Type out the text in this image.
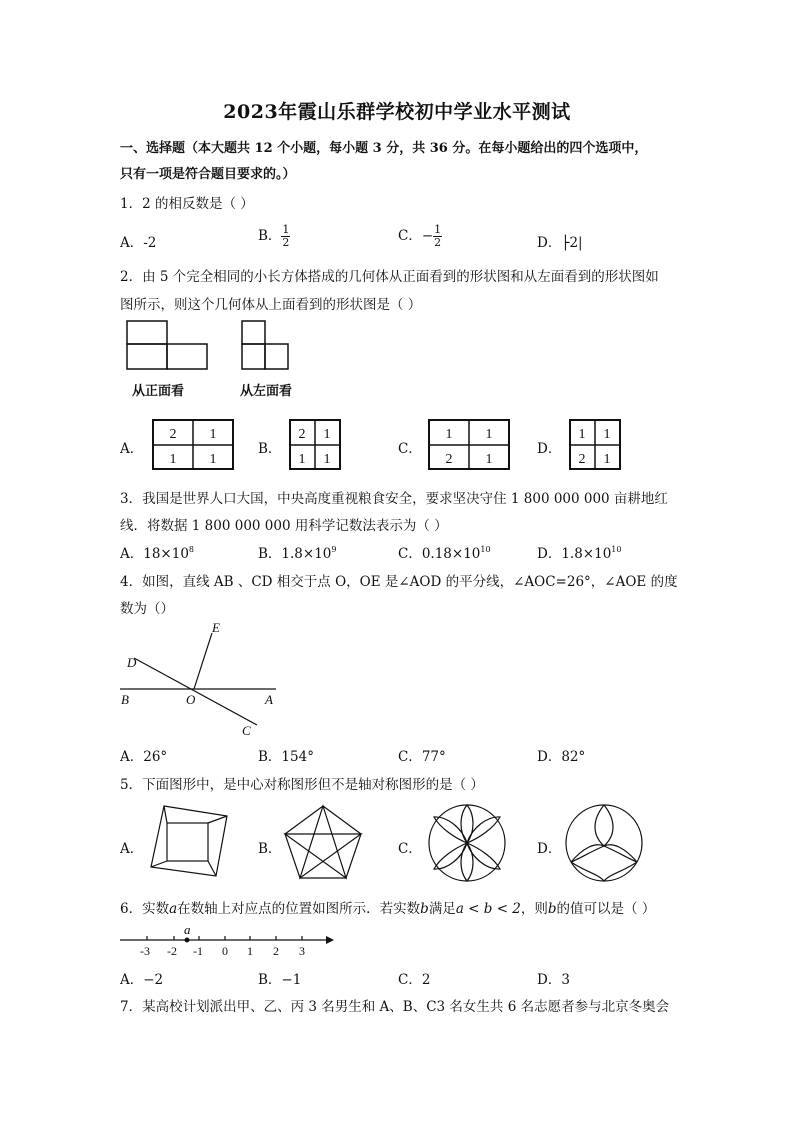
2023年霞山乐群学校初中学业水平测试
一、选择题（本大题共 12 个小题，每小题 3 分，共 36 分。在每小题给出的四个选项中，
只有一项是符合题目要求的。）
1．2 的相反数是（ ）
A．-2	B． $\frac{1}{2}$	C．− $\frac{1}{2}$	D．├2|
2．由 5 个完全相同的小长方体搭成的几何体从正面看到的形状图和从左面看到的形状图如
图所示，则这个几何体从上面看到的形状图是（ ）
从正面看	从左面看
A．	B．	C．	D．
2 1
1 1
2 1
1 1
1 1
2 1
1 1
2 1
3．我国是世界人口大国，中央高度重视粮食安全，要求坚决守住 1 800 000 000 亩耕地红
线．将数据 1 800 000 000 用科学记数法表示为（ ）
A．$18\times 10^8$	B．$1.8\times 10^9$	C．$0.18\times 10^{10}$	D．$1.8\times 10^{10}$
4．如图，直线 AB 、CD 相交于点 O，OE 是∠AOD 的平分线，∠AOC=26°，∠AOE 的度
数为（）
E
D
B	O	A
C
A．26°	B．154°	C．77°	D．82°
5．下面图形中，是中心对称图形但不是轴对称图形的是（ ）
A．	B．	C．	D．
6．实数a在数轴上对应点的位置如图所示．若实数b满足a < b < 2，则b的值可以是（ ）
a
-3 -2 -1 0 1 2 3
A．−2	B．−1	C．2	D．3
7．某高校计划派出甲、乙、丙 3 名男生和 A、B、C3 名女生共 6 名志愿者参与北京冬奥会
